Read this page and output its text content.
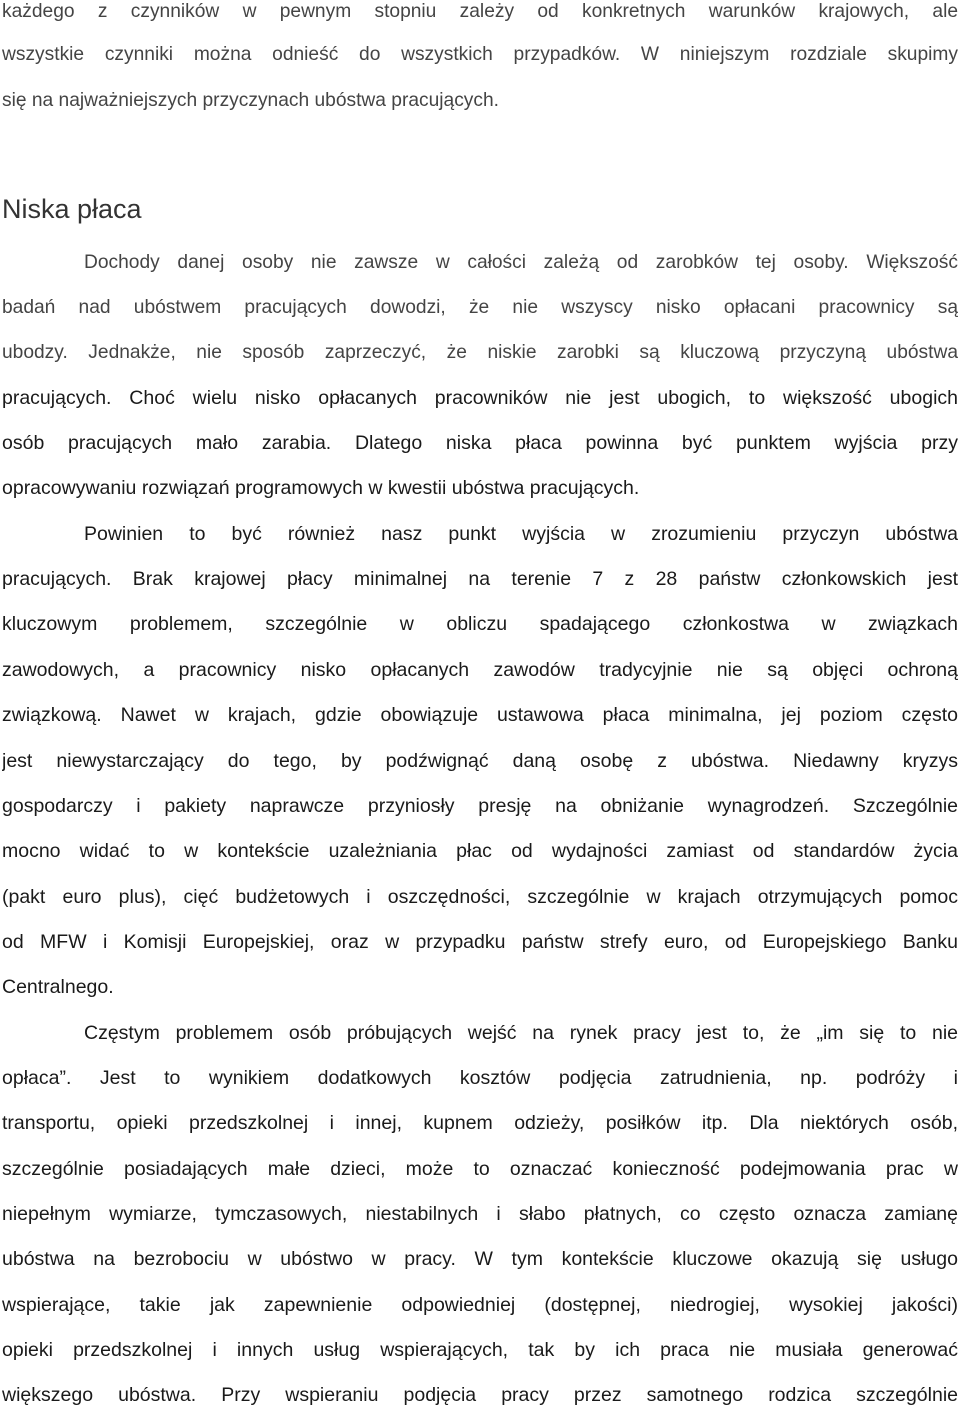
każdego z czynników w pewnym stopniu zależy od konkretnych warunków krajowych, ale
wszystkie czynniki można odnieść do wszystkich przypadków. W niniejszym rozdziale skupimy
się na najważniejszych przyczynach ubóstwa pracujących.
Niska płaca
Dochody danej osoby nie zawsze w całości zależą od zarobków tej osoby. Większość
badań nad ubóstwem pracujących dowodzi, że nie wszyscy nisko opłacani pracownicy są
ubodzy. Jednakże, nie sposób zaprzeczyć, że niskie zarobki są kluczową przyczyną ubóstwa
pracujących. Choć wielu nisko opłacanych pracowników nie jest ubogich, to większość ubogich
osób pracujących mało zarabia. Dlatego niska płaca powinna być punktem wyjścia przy
opracowywaniu rozwiązań programowych w kwestii ubóstwa pracujących.
Powinien to być również nasz punkt wyjścia w zrozumieniu przyczyn ubóstwa
pracujących. Brak krajowej płacy minimalnej na terenie 7 z 28 państw członkowskich jest
kluczowym problemem, szczególnie w obliczu spadającego członkostwa w związkach
zawodowych, a pracownicy nisko opłacanych zawodów tradycyjnie nie są objęci ochroną
związkową. Nawet w krajach, gdzie obowiązuje ustawowa płaca minimalna, jej poziom często
jest niewystarczający do tego, by podźwignąć daną osobę z ubóstwa. Niedawny kryzys
gospodarczy i pakiety naprawcze przyniosły presję na obniżanie wynagrodzeń. Szczególnie
mocno widać to w kontekście uzależniania płac od wydajności zamiast od standardów życia
(pakt euro plus), cięć budżetowych i oszczędności, szczególnie w krajach otrzymujących pomoc
od MFW i Komisji Europejskiej, oraz w przypadku państw strefy euro, od Europejskiego Banku
Centralnego.
Częstym problemem osób próbujących wejść na rynek pracy jest to, że „im się to nie
opłaca”. Jest to wynikiem dodatkowych kosztów podjęcia zatrudnienia, np. podróży i
transportu, opieki przedszkolnej i innej, kupnem odzieży, posiłków itp. Dla niektórych osób,
szczególnie posiadających małe dzieci, może to oznaczać konieczność podejmowania prac w
niepełnym wymiarze, tymczasowych, niestabilnych i słabo płatnych, co często oznacza zamianę
ubóstwa na bezrobociu w ubóstwo w pracy. W tym kontekście kluczowe okazują się usługo
wspierające, takie jak zapewnienie odpowiedniej (dostępnej, niedrogiej, wysokiej jakości)
opieki przedszkolnej i innych usług wspierających, tak by ich praca nie musiała generować
większego ubóstwa. Przy wspieraniu podjęcia pracy przez samotnego rodzica szczególnie
